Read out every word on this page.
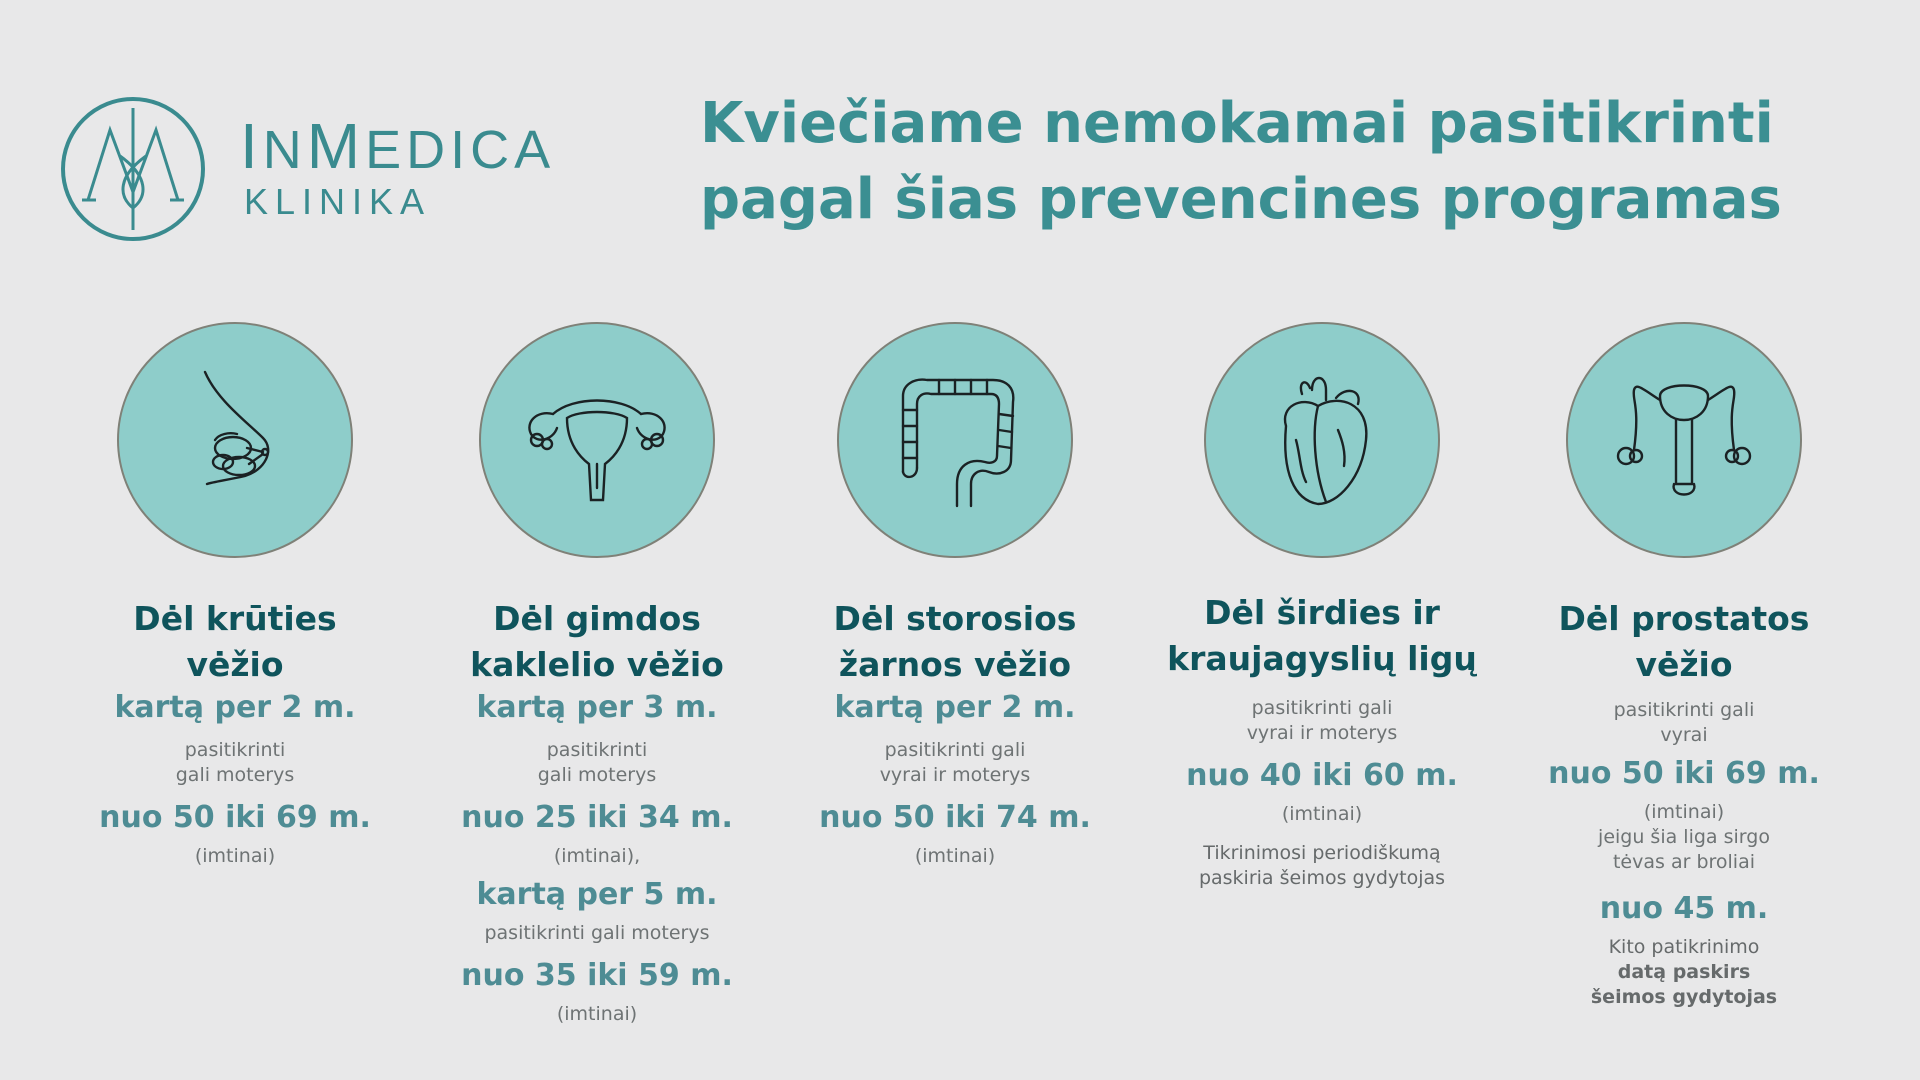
INMEDICA
KLINIKA
Kviečiame nemokamai pasitikrinti
pagal šias prevencines programas
Dėl krūties
vėžio
kartą per 2 m.
pasitikrinti
gali moterys
nuo 50 iki 69 m.
(imtinai)
Dėl gimdos
kaklelio vėžio
kartą per 3 m.
pasitikrinti
gali moterys
nuo 25 iki 34 m.
(imtinai),
kartą per 5 m.
pasitikrinti gali moterys
nuo 35 iki 59 m.
(imtinai)
Dėl storosios
žarnos vėžio
kartą per 2 m.
pasitikrinti gali
vyrai ir moterys
nuo 50 iki 74 m.
(imtinai)
Dėl širdies ir
kraujagyslių ligų
pasitikrinti gali
vyrai ir moterys
nuo 40 iki 60 m.
(imtinai)
Tikrinimosi periodiškumą
paskiria šeimos gydytojas
Dėl prostatos
vėžio
pasitikrinti gali
vyrai
nuo 50 iki 69 m.
(imtinai)
jeigu šia liga sirgo
tėvas ar broliai
nuo 45 m.
Kito patikrinimo
datą paskirs
šeimos gydytojas
